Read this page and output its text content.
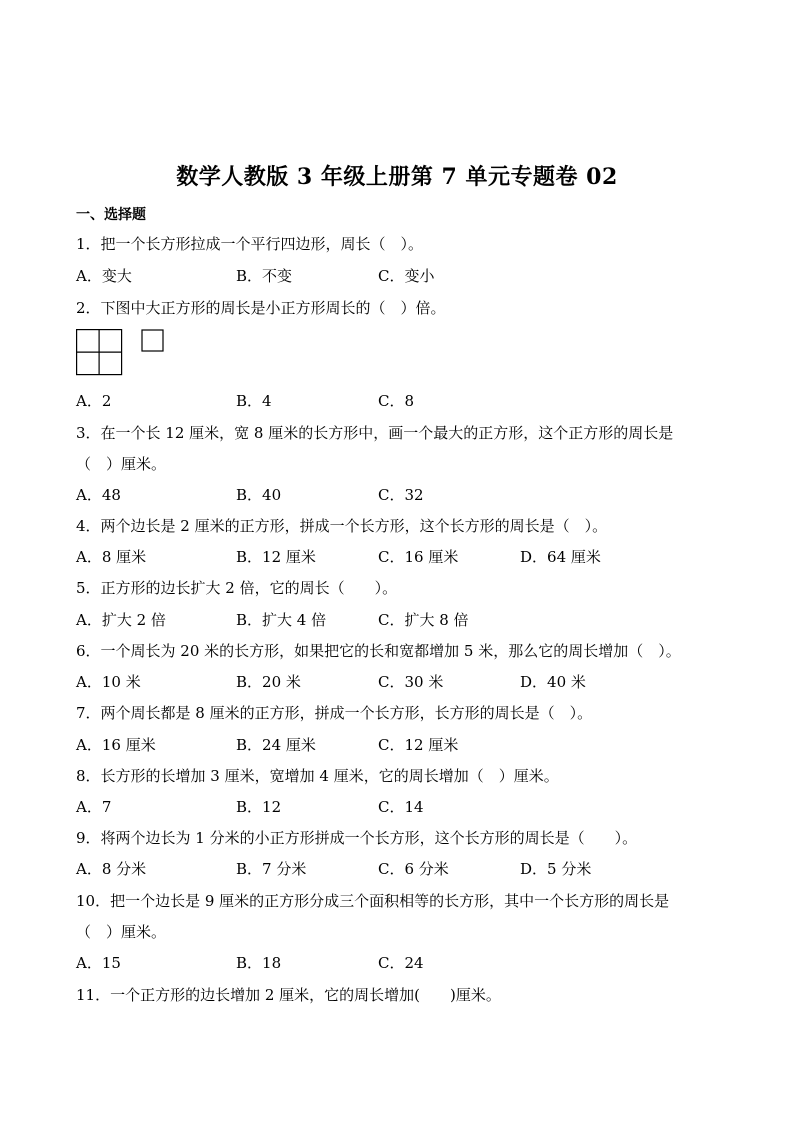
数学人教版 3 年级上册第 7 单元专题卷 02
一、选择题
1．把一个长方形拉成一个平行四边形，周长（　）。
A．变大	B．不变	C．变小
2．下图中大正方形的周长是小正方形周长的（　）倍。
A．2	B．4	C．8
3．在一个长 12 厘米，宽 8 厘米的长方形中，画一个最大的正方形，这个正方形的周长是
（　）厘米。
A．48	B．40	C．32
4．两个边长是 2 厘米的正方形，拼成一个长方形，这个长方形的周长是（　）。
A．8 厘米	B．12 厘米	C．16 厘米	D．64 厘米
5．正方形的边长扩大 2 倍，它的周长（　　）。
A．扩大 2 倍	B．扩大 4 倍	C．扩大 8 倍
6．一个周长为 20 米的长方形，如果把它的长和宽都增加 5 米，那么它的周长增加（　）。
A．10 米	B．20 米	C．30 米	D．40 米
7．两个周长都是 8 厘米的正方形，拼成一个长方形，长方形的周长是（　）。
A．16 厘米	B．24 厘米	C．12 厘米
8．长方形的长增加 3 厘米，宽增加 4 厘米，它的周长增加（　）厘米。
A．7	B．12	C．14
9．将两个边长为 1 分米的小正方形拼成一个长方形，这个长方形的周长是（　　）。
A．8 分米	B．7 分米	C．6 分米	D．5 分米
10．把一个边长是 9 厘米的正方形分成三个面积相等的长方形，其中一个长方形的周长是
（　）厘米。
A．15	B．18	C．24
11．一个正方形的边长增加 2 厘米，它的周长增加(　　)厘米。
